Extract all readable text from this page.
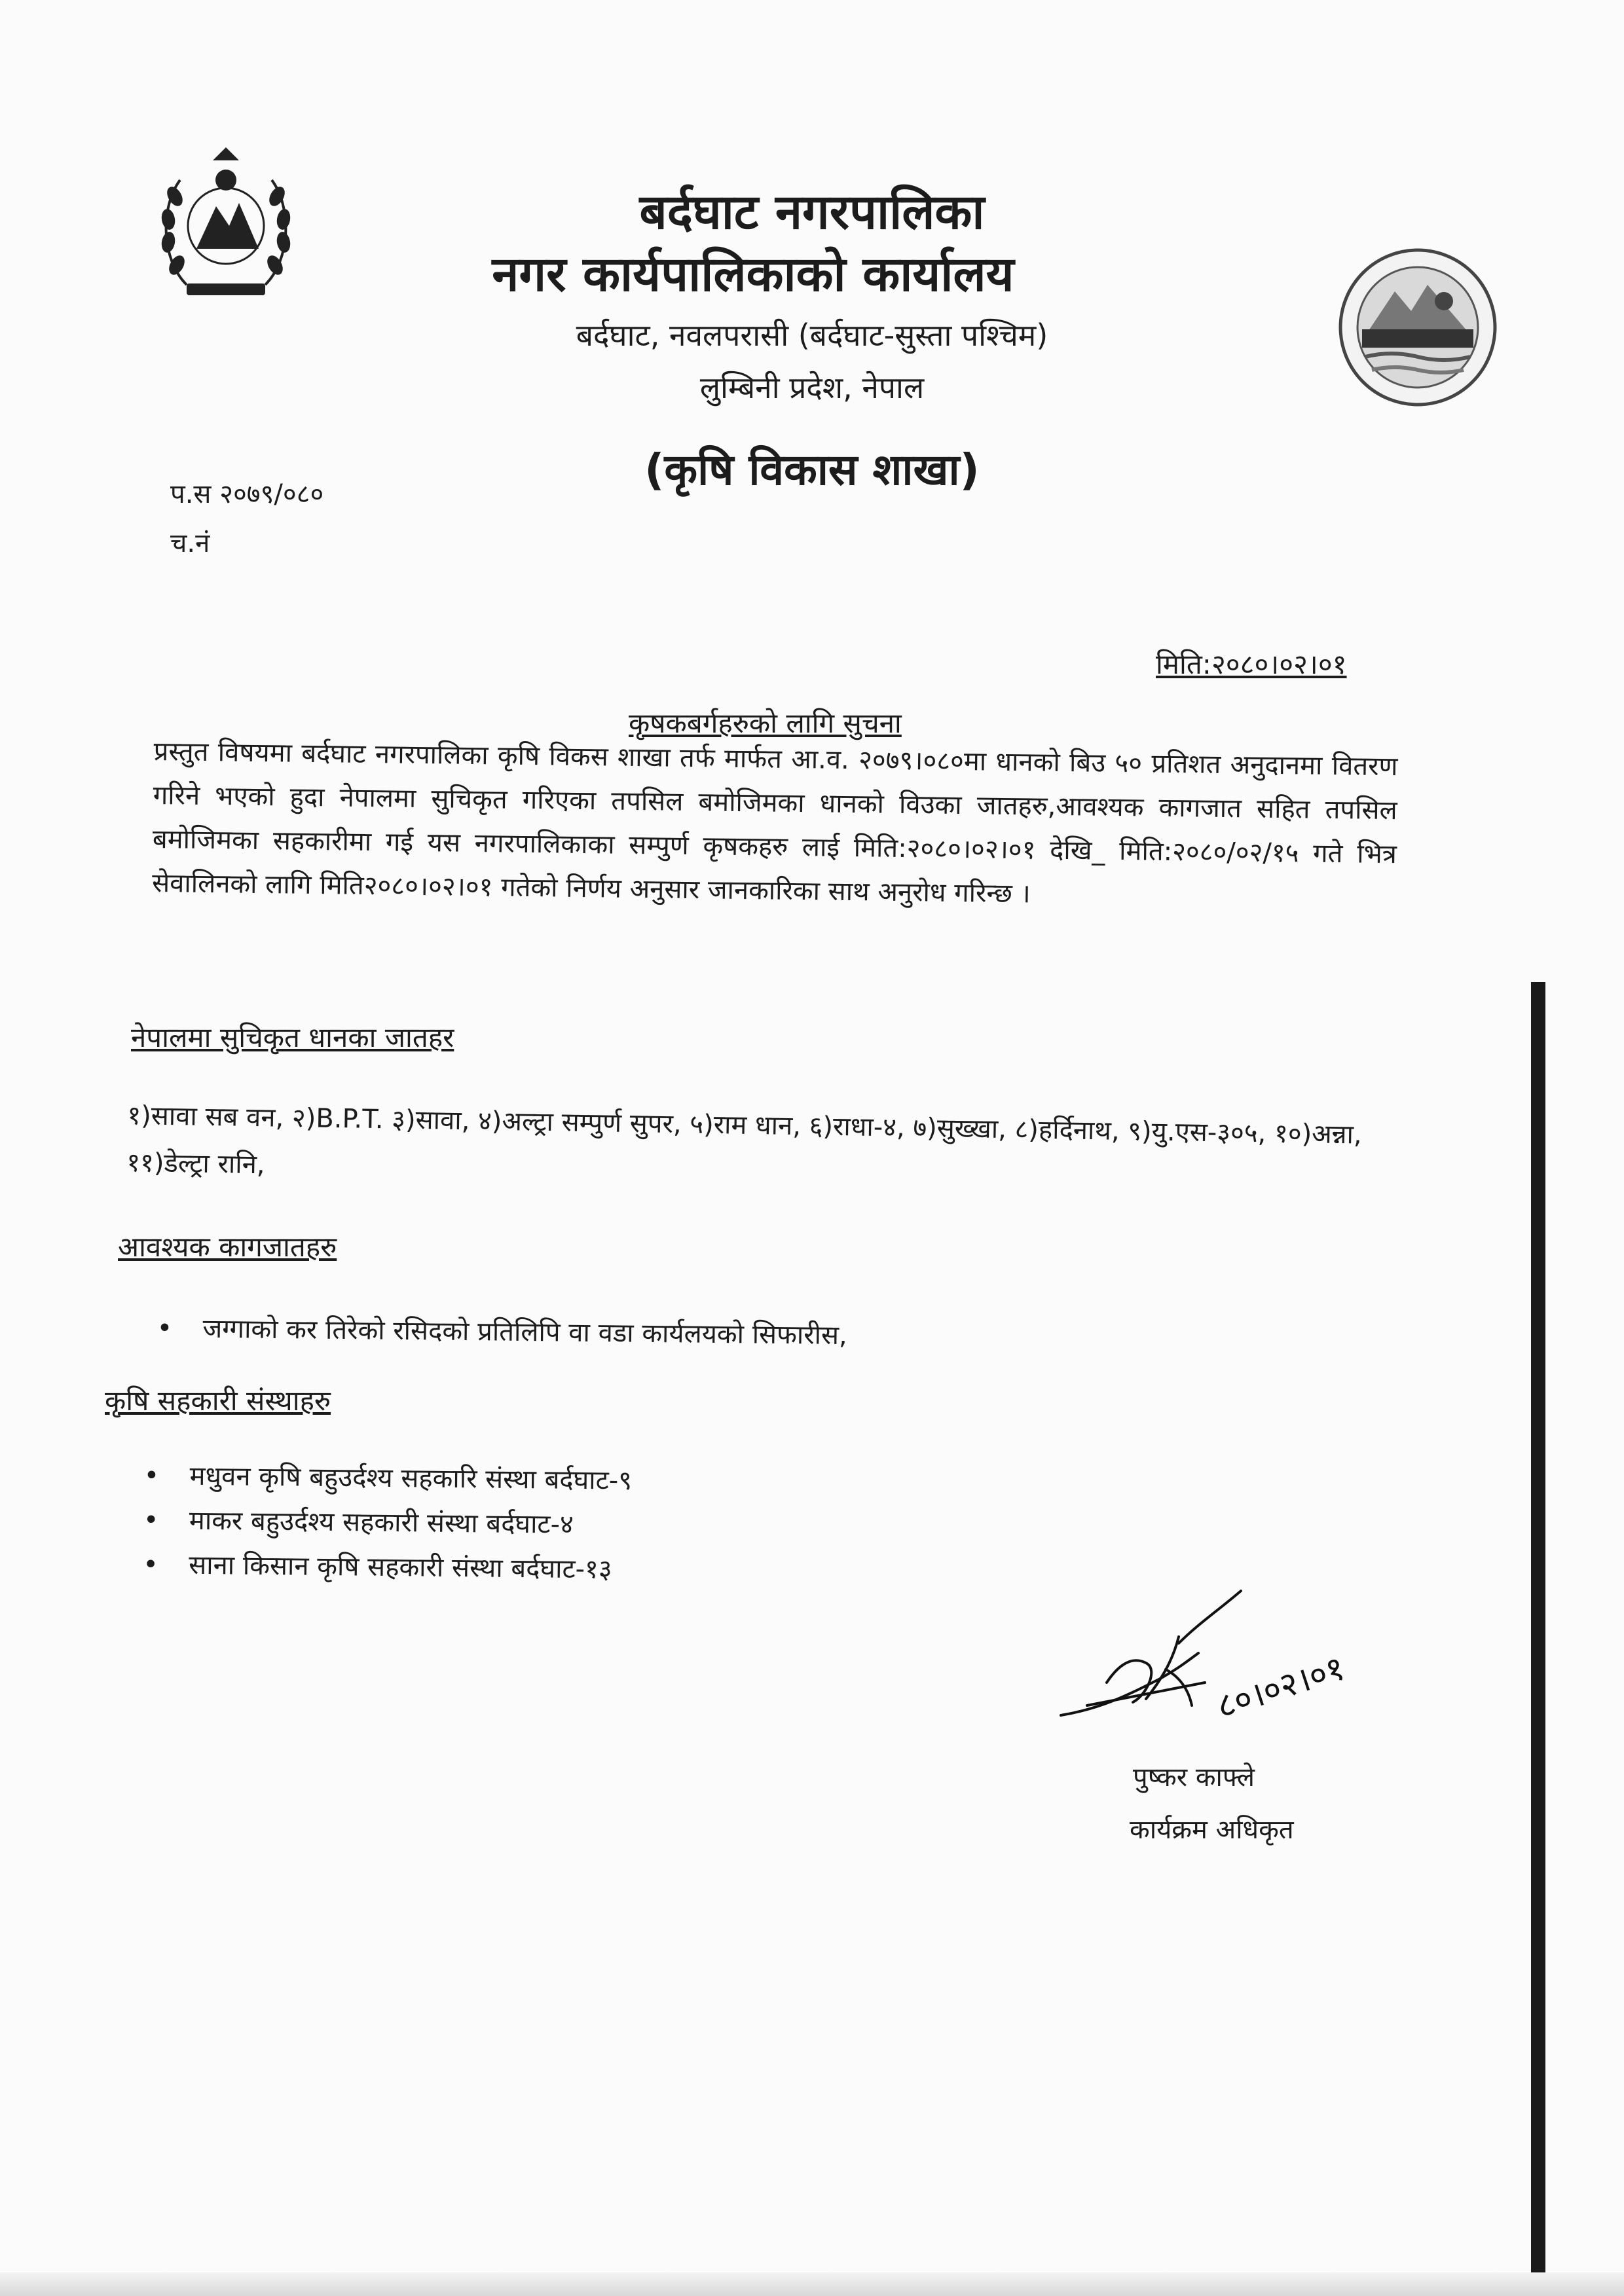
बर्दघाट नगरपालिका
नगर कार्यपालिकाको कार्यालय
बर्दघाट, नवलपरासी (बर्दघाट-सुस्ता पश्चिम)
लुम्बिनी प्रदेश, नेपाल
(कृषि विकास शाखा)
प.स २०७९/०८०
च.नं
मिति:२०८०।०२।०१
कृषकबर्गहरुको लागि सुचना
प्रस्तुत विषयमा बर्दघाट नगरपालिका कृषि विकस शाखा तर्फ मार्फत आ.व. २०७९।०८०मा धानको बिउ ५० प्रतिशत अनुदानमा वितरण गरिने भएको हुदा नेपालमा सुचिकृत गरिएका तपसिल बमोजिमका धानको विउका जातहरु,आवश्यक कागजात सहित तपसिल बमोजिमका सहकारीमा गई यस नगरपालिकाका सम्पुर्ण कृषकहरु लाई मिति:२०८०।०२।०१ देखि_ मिति:२०८०/०२/१५ गते भित्र सेवालिनको लागि मिति२०८०।०२।०१ गतेको निर्णय अनुसार जानकारिका साथ अनुरोध गरिन्छ ।
नेपालमा सुचिकृत धानका जातहर
१)सावा सब वन, २)B.P.T. ३)सावा, ४)अल्ट्रा सम्पुर्ण सुपर, ५)राम धान, ६)राधा-४, ७)सुख्खा, ८)हर्दिनाथ, ९)यु.एस-३०५, १०)अन्ना, ११)डेल्ट्रा रानि,
आवश्यक कागजातहरु
• जग्गाको कर तिरेको रसिदको प्रतिलिपि वा वडा कार्यलयको सिफारीस,
कृषि सहकारी संस्थाहरु
• मधुवन कृषि बहुउर्दश्य सहकारि संस्था बर्दघाट-९
• माकर बहुउर्दश्य सहकारी संस्था बर्दघाट-४
• साना किसान कृषि सहकारी संस्था बर्दघाट-१३
८०।०२।०१
पुष्कर काफ्ले
कार्यक्रम अधिकृत
